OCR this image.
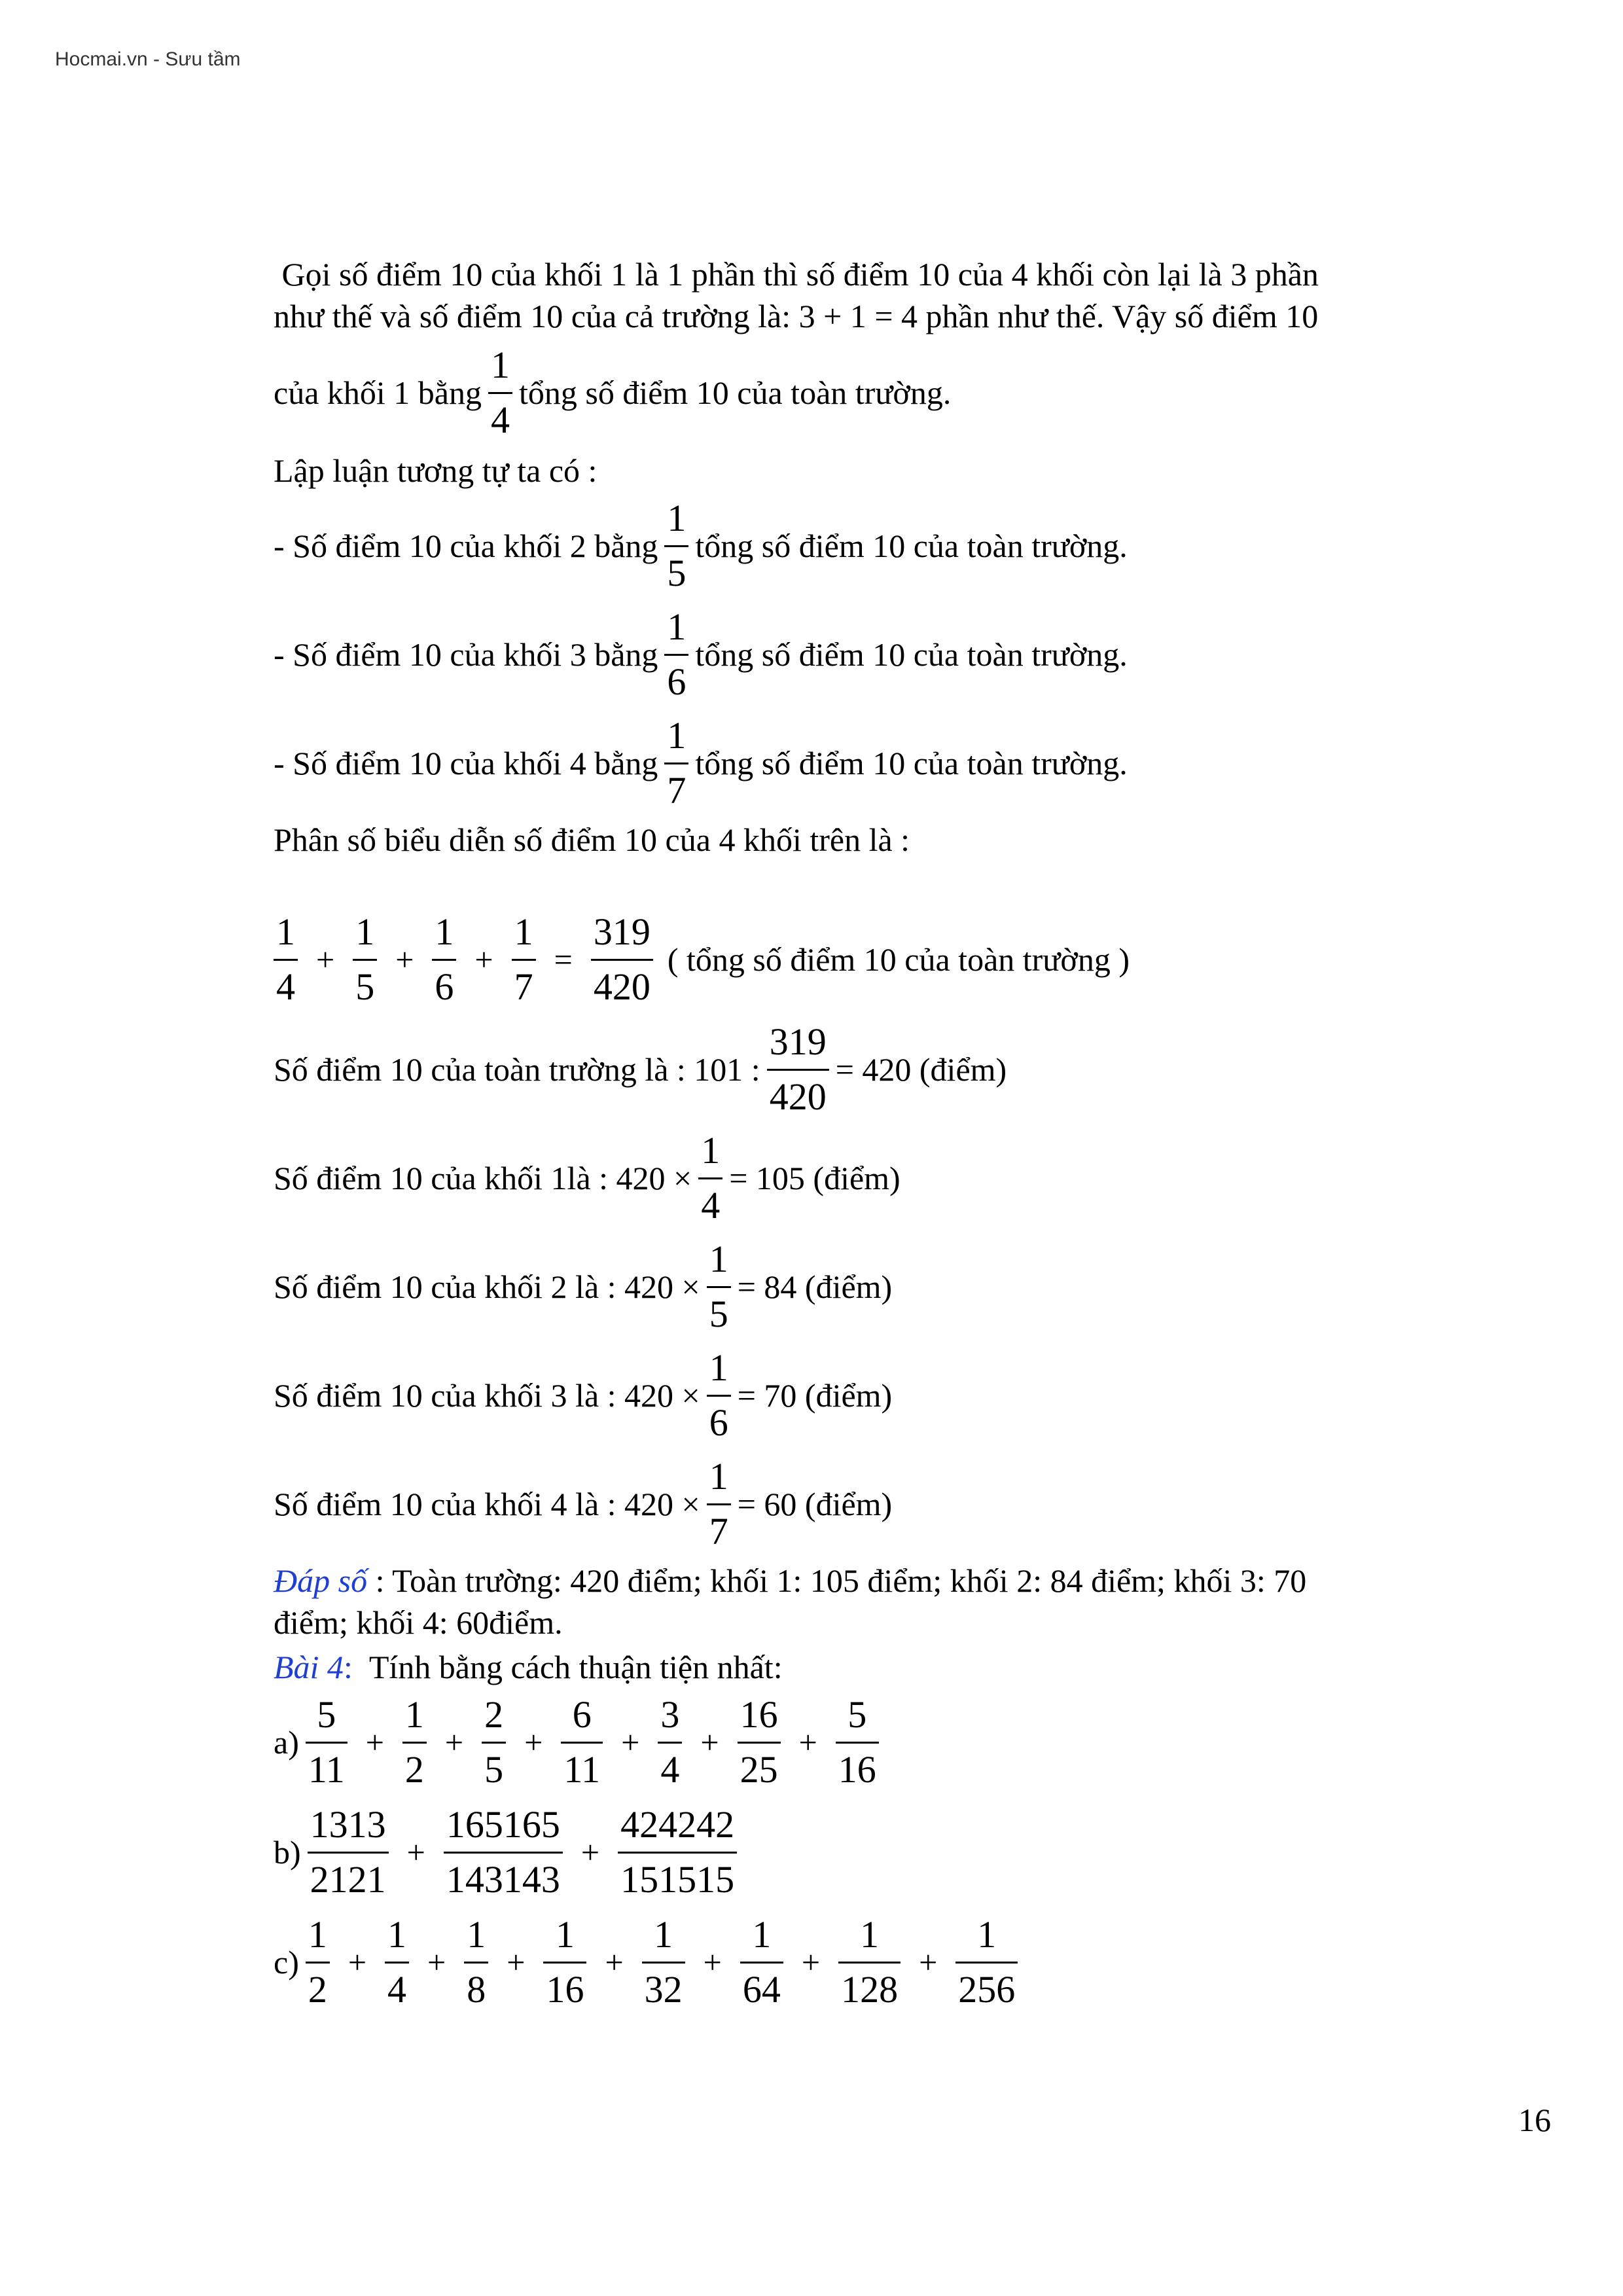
Hocmai.vn - Sưu tầm
Gọi số điểm 10 của khối 1 là 1 phần thì số điểm 10 của 4 khối còn lại là 3 phần
như thế và số điểm 10 của cả trường là: 3 + 1 = 4 phần như thế. Vậy số điểm 10
của khối 1 bằng $\frac{1}{4}$ tổng số điểm 10 của toàn trường.
Lập luận tương tự ta có :
- Số điểm 10 của khối 2 bằng $\frac{1}{5}$ tổng số điểm 10 của toàn trường.
- Số điểm 10 của khối 3 bằng $\frac{1}{6}$ tổng số điểm 10 của toàn trường.
- Số điểm 10 của khối 4 bằng $\frac{1}{7}$ tổng số điểm 10 của toàn trường.
Phân số biểu diễn số điểm 10 của 4 khối trên là :
$\frac{1}{4} + \frac{1}{5} + \frac{1}{6} + \frac{1}{7} = \frac{319}{420}$ ( tổng số điểm 10 của toàn trường )
Số điểm 10 của toàn trường là : 101 : $\frac{319}{420} = 420$ (điểm)
Số điểm 10 của khối 1là : $420 \times \frac{1}{4} = 105$ (điểm)
Số điểm 10 của khối 2 là : $420 \times \frac{1}{5} = 84$ (điểm)
Số điểm 10 của khối 3 là : $420 \times \frac{1}{6} = 70$ (điểm)
Số điểm 10 của khối 4 là : $420 \times \frac{1}{7} = 60$ (điểm)
Đáp số : Toàn trường: 420 điểm; khối 1: 105 điểm; khối 2: 84 điểm; khối 3: 70
điểm; khối 4: 60điểm.
Bài 4: Tính bằng cách thuận tiện nhất:
$a) \frac{5}{11} + \frac{1}{2} + \frac{2}{5} + \frac{6}{11} + \frac{3}{4} + \frac{16}{25} + \frac{5}{16}$
$b) \frac{1313}{2121} + \frac{165165}{143143} + \frac{424242}{151515}$
$c) \frac{1}{2} + \frac{1}{4} + \frac{1}{8} + \frac{1}{16} + \frac{1}{32} + \frac{1}{64} + \frac{1}{128} + \frac{1}{256}$
16
